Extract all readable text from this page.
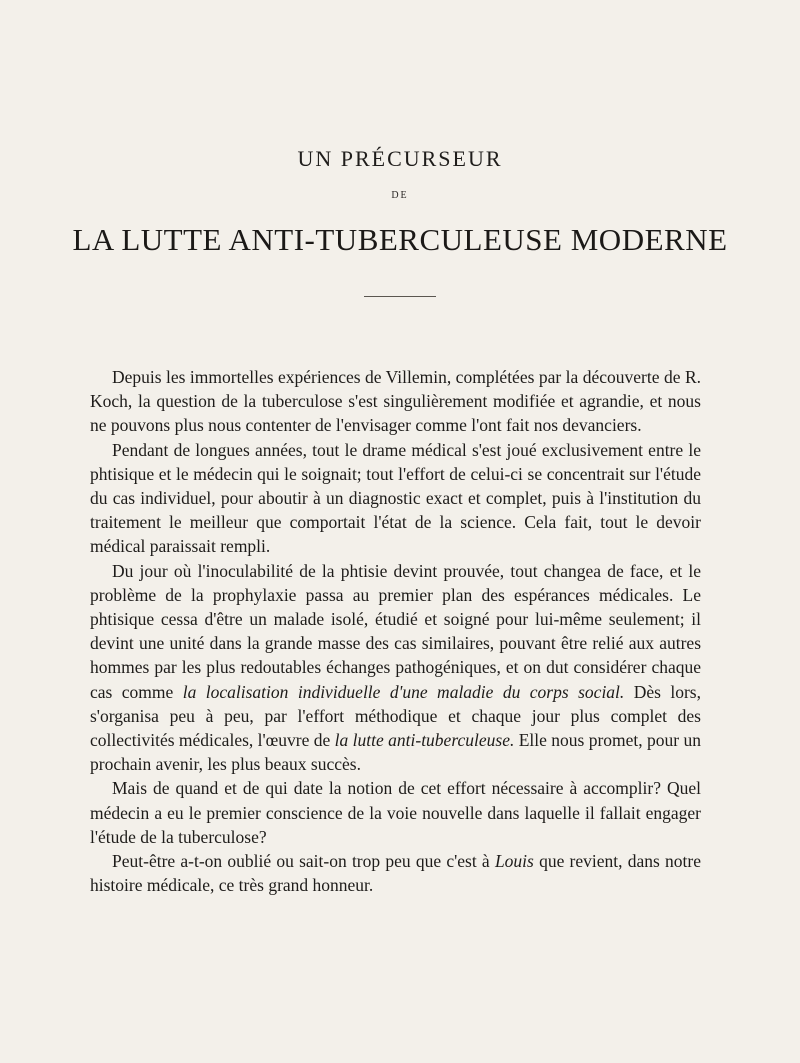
UN PRÉCURSEUR
DE
LA LUTTE ANTI-TUBERCULEUSE MODERNE

Depuis les immortelles expériences de Villemin, complétées par la découverte de R. Koch, la question de la tuberculose s'est singulièrement modifiée et agrandie, et nous ne pouvons plus nous contenter de l'envisager comme l'ont fait nos devanciers.

Pendant de longues années, tout le drame médical s'est joué exclusivement entre le phtisique et le médecin qui le soignait; tout l'effort de celui-ci se concentrait sur l'étude du cas individuel, pour aboutir à un diagnostic exact et complet, puis à l'institution du traitement le meilleur que comportait l'état de la science. Cela fait, tout le devoir médical paraissait rempli.

Du jour où l'inoculabilité de la phtisie devint prouvée, tout changea de face, et le problème de la prophylaxie passa au premier plan des espérances médicales. Le phtisique cessa d'être un malade isolé, étudié et soigné pour lui-même seulement; il devint une unité dans la grande masse des cas similaires, pouvant être relié aux autres hommes par les plus redoutables échanges pathogéniques, et on dut considérer chaque cas comme la localisation individuelle d'une maladie du corps social. Dès lors, s'organisa peu à peu, par l'effort méthodique et chaque jour plus complet des collectivités médicales, l'œuvre de la lutte anti-tuberculeuse. Elle nous promet, pour un prochain avenir, les plus beaux succès.

Mais de quand et de qui date la notion de cet effort nécessaire à accomplir? Quel médecin a eu le premier conscience de la voie nouvelle dans laquelle il fallait engager l'étude de la tuberculose?

Peut-être a-t-on oublié ou sait-on trop peu que c'est à Louis que revient, dans notre histoire médicale, ce très grand honneur.
